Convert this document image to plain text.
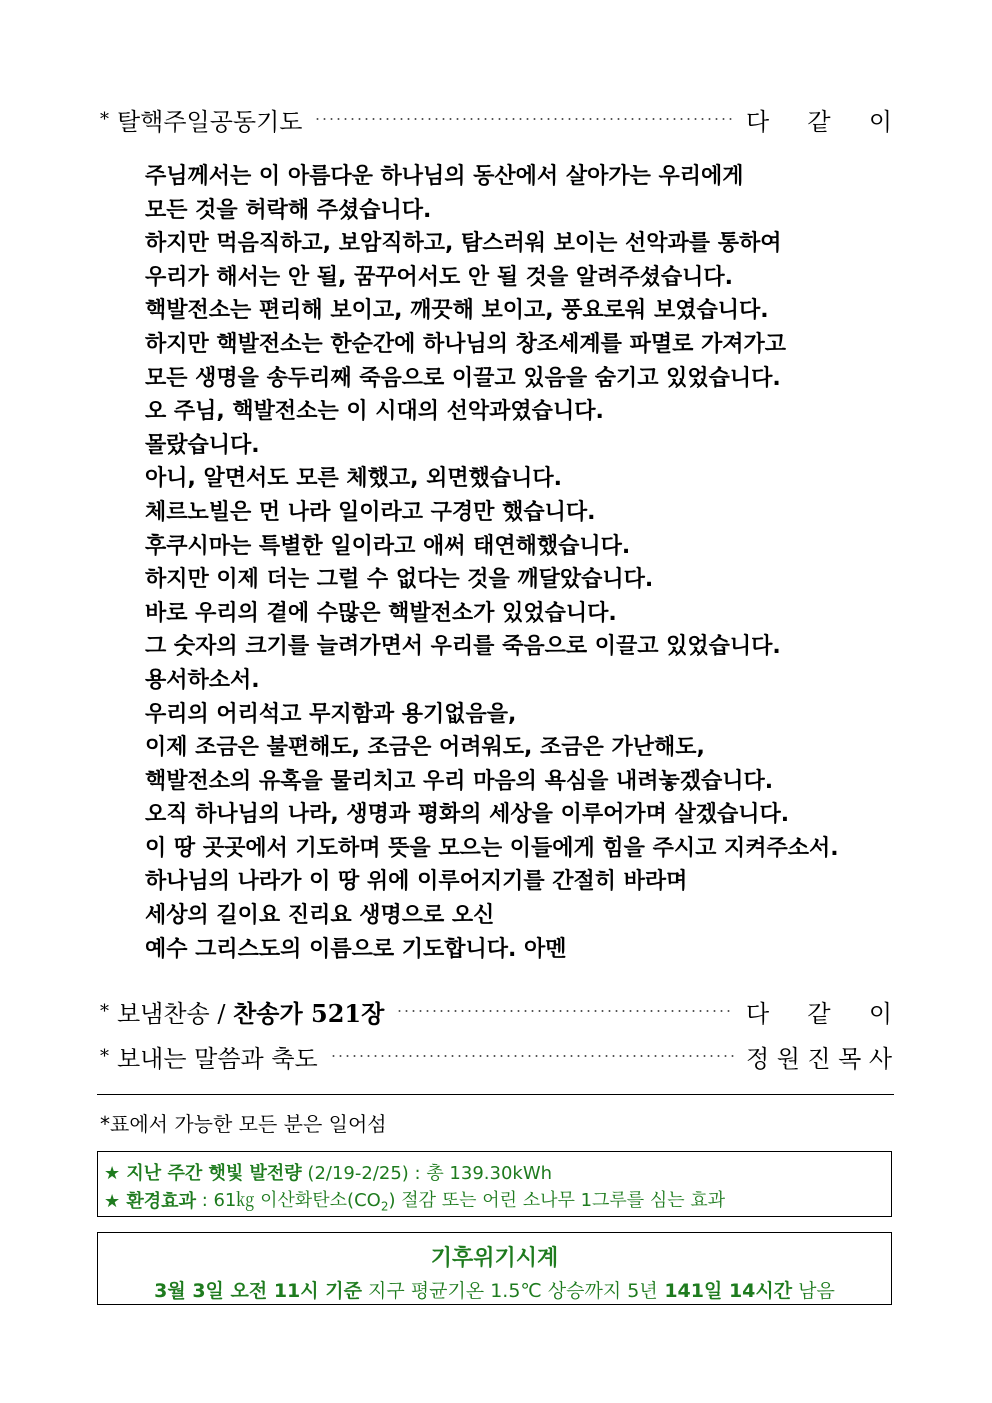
* 탈핵주일공동기도	다 같 이
주님께서는 이 아름다운 하나님의 동산에서 살아가는 우리에게
모든 것을 허락해 주셨습니다.
하지만 먹음직하고, 보암직하고, 탐스러워 보이는 선악과를 통하여
우리가 해서는 안 될, 꿈꾸어서도 안 될 것을 알려주셨습니다.
핵발전소는 편리해 보이고, 깨끗해 보이고, 풍요로워 보였습니다.
하지만 핵발전소는 한순간에 하나님의 창조세계를 파멸로 가져가고
모든 생명을 송두리째 죽음으로 이끌고 있음을 숨기고 있었습니다.
오 주님, 핵발전소는 이 시대의 선악과였습니다.
몰랐습니다.
아니, 알면서도 모른 체했고, 외면했습니다.
체르노빌은 먼 나라 일이라고 구경만 했습니다.
후쿠시마는 특별한 일이라고 애써 태연해했습니다.
하지만 이제 더는 그럴 수 없다는 것을 깨달았습니다.
바로 우리의 곁에 수많은 핵발전소가 있었습니다.
그 숫자의 크기를 늘려가면서 우리를 죽음으로 이끌고 있었습니다.
용서하소서.
우리의 어리석고 무지함과 용기없음을,
이제 조금은 불편해도, 조금은 어려워도, 조금은 가난해도,
핵발전소의 유혹을 물리치고 우리 마음의 욕심을 내려놓겠습니다.
오직 하나님의 나라, 생명과 평화의 세상을 이루어가며 살겠습니다.
이 땅 곳곳에서 기도하며 뜻을 모으는 이들에게 힘을 주시고 지켜주소서.
하나님의 나라가 이 땅 위에 이루어지기를 간절히 바라며
세상의 길이요 진리요 생명으로 오신
예수 그리스도의 이름으로 기도합니다. 아멘
* 보냄찬송 / 찬송가 521장	다 같 이
* 보내는 말씀과 축도	정 원 진 목 사
*표에서 가능한 모든 분은 일어섬
★ 지난 주간 햇빛 발전량 (2/19-2/25) : 총 139.30kWh
★ 환경효과 : 61㎏ 이산화탄소$(CO_2)$ 절감 또는 어린 소나무 1그루를 심는 효과
기후위기시계
3월 3일 오전 11시 기준 지구 평균기온 1.5℃ 상승까지 5년 141일 14시간 남음
